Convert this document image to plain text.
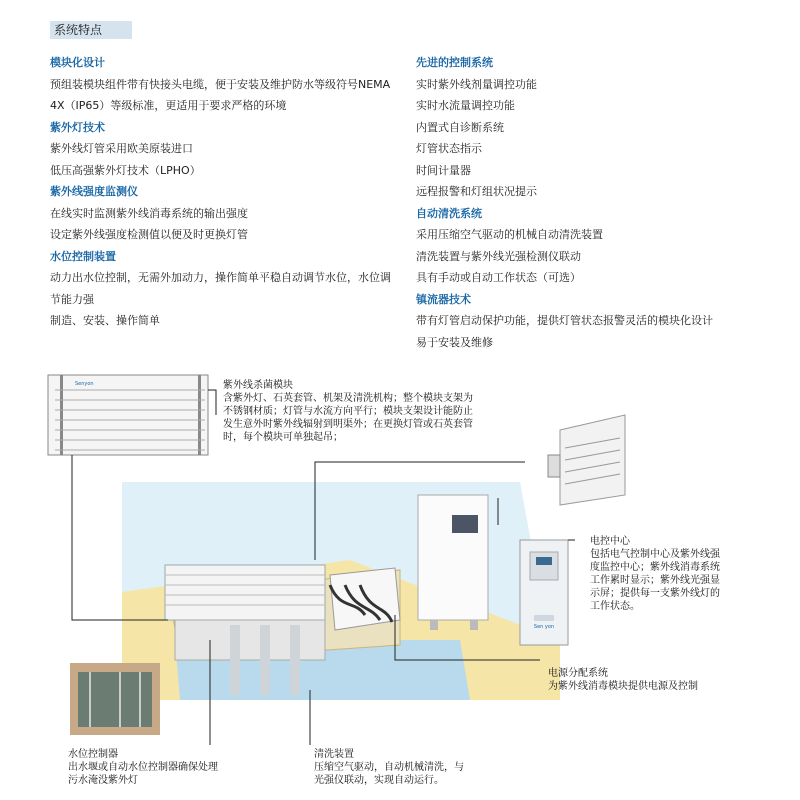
系统特点
模块化设计

预组装模块组件带有快接头电缆，便于安装及维护防水等级符号NEMA 4X（IP65）等级标准，更适用于要求严格的环境

紫外灯技术

紫外线灯管采用欧美原装进口

低压高强紫外灯技术（LPHO）

紫外线强度监测仪

在线实时监测紫外线消毒系统的输出强度

设定紫外线强度检测值以便及时更换灯管

水位控制装置

动力出水位控制，无需外加动力，操作简单平稳自动调节水位，水位调节能力强

制造、安装、操作简单

先进的控制系统

实时紫外线剂量调控功能

实时水流量调控功能

内置式自诊断系统

灯管状态指示

时间计量器

远程报警和灯组状况提示

自动清洗系统

采用压缩空气驱动的机械自动清洗装置

清洗装置与紫外线光强检测仪联动

具有手动或自动工作状态（可选）

镇流器技术

带有灯管启动保护功能，提供灯管状态报警灵活的模块化设计

易于安装及维修

Sen yon
Senyon	紫外线杀菌模块

含紫外灯、石英套管、机架及清洗机构；整个模块支架为

不锈钢材质；灯管与水流方向平行；模块支架设计能防止

发生意外时紫外线辐射到明渠外；在更换灯管或石英套管

时，每个模块可单独起吊；

电控中心

包括电气控制中心及紫外线强

度监控中心；紫外线消毒系统

工作累时显示；紫外线光强显

示屏；提供每一支紫外线灯的

工作状态。

电源分配系统

为紫外线消毒模块提供电源及控制

水位控制器

出水堰或自动水位控制器确保处理

污水淹没紫外灯

清洗装置

压缩空气驱动，自动机械清洗，与

光强仪联动，实现自动运行。
